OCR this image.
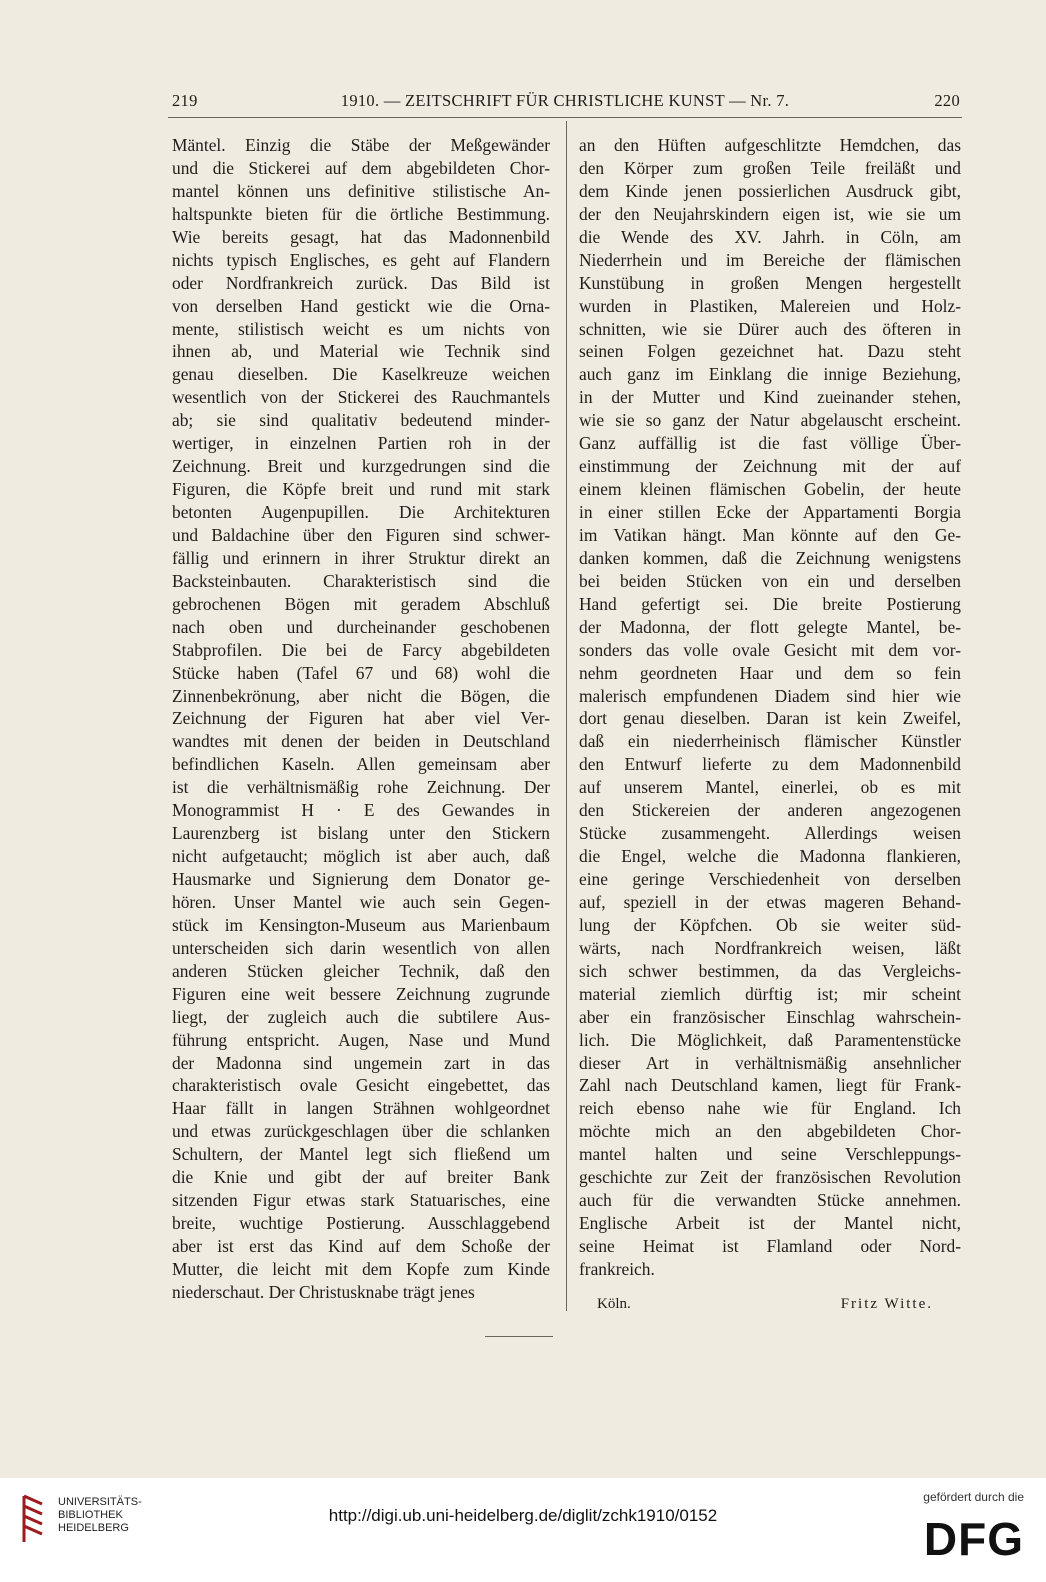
219	1910. — ZEITSCHRIFT FÜR CHRISTLICHE KUNST — Nr. 7.	220
Mäntel. Einzig die Stäbe der Meßgewänder
und die Stickerei auf dem abgebildeten Chor-
mantel können uns definitive stilistische An-
haltspunkte bieten für die örtliche Bestimmung.
Wie bereits gesagt, hat das Madonnenbild
nichts typisch Englisches, es geht auf Flandern
oder Nordfrankreich zurück. Das Bild ist
von derselben Hand gestickt wie die Orna-
mente, stilistisch weicht es um nichts von
ihnen ab, und Material wie Technik sind
genau dieselben. Die Kaselkreuze weichen
wesentlich von der Stickerei des Rauchmantels
ab; sie sind qualitativ bedeutend minder-
wertiger, in einzelnen Partien roh in der
Zeichnung. Breit und kurzgedrungen sind die
Figuren, die Köpfe breit und rund mit stark
betonten Augenpupillen. Die Architekturen
und Baldachine über den Figuren sind schwer-
fällig und erinnern in ihrer Struktur direkt an
Backsteinbauten. Charakteristisch sind die
gebrochenen Bögen mit geradem Abschluß
nach oben und durcheinander geschobenen
Stabprofilen. Die bei de Farcy abgebildeten
Stücke haben (Tafel 67 und 68) wohl die
Zinnenbekrönung, aber nicht die Bögen, die
Zeichnung der Figuren hat aber viel Ver-
wandtes mit denen der beiden in Deutschland
befindlichen Kaseln. Allen gemeinsam aber
ist die verhältnismäßig rohe Zeichnung. Der
Monogrammist H · E des Gewandes in
Laurenzberg ist bislang unter den Stickern
nicht aufgetaucht; möglich ist aber auch, daß
Hausmarke und Signierung dem Donator ge-
hören. Unser Mantel wie auch sein Gegen-
stück im Kensington-Museum aus Marienbaum
unterscheiden sich darin wesentlich von allen
anderen Stücken gleicher Technik, daß den
Figuren eine weit bessere Zeichnung zugrunde
liegt, der zugleich auch die subtilere Aus-
führung entspricht. Augen, Nase und Mund
der Madonna sind ungemein zart in das
charakteristisch ovale Gesicht eingebettet, das
Haar fällt in langen Strähnen wohlgeordnet
und etwas zurückgeschlagen über die schlanken
Schultern, der Mantel legt sich fließend um
die Knie und gibt der auf breiter Bank
sitzenden Figur etwas stark Statuarisches, eine
breite, wuchtige Postierung. Ausschlaggebend
aber ist erst das Kind auf dem Schoße der
Mutter, die leicht mit dem Kopfe zum Kinde
niederschaut. Der Christusknabe trägt jenes
an den Hüften aufgeschlitzte Hemdchen, das
den Körper zum großen Teile freiläßt und
dem Kinde jenen possierlichen Ausdruck gibt,
der den Neujahrskindern eigen ist, wie sie um
die Wende des XV. Jahrh. in Cöln, am
Niederrhein und im Bereiche der flämischen
Kunstübung in großen Mengen hergestellt
wurden in Plastiken, Malereien und Holz-
schnitten, wie sie Dürer auch des öfteren in
seinen Folgen gezeichnet hat. Dazu steht
auch ganz im Einklang die innige Beziehung,
in der Mutter und Kind zueinander stehen,
wie sie so ganz der Natur abgelauscht erscheint.
Ganz auffällig ist die fast völlige Über-
einstimmung der Zeichnung mit der auf
einem kleinen flämischen Gobelin, der heute
in einer stillen Ecke der Appartamenti Borgia
im Vatikan hängt. Man könnte auf den Ge-
danken kommen, daß die Zeichnung wenigstens
bei beiden Stücken von ein und derselben
Hand gefertigt sei. Die breite Postierung
der Madonna, der flott gelegte Mantel, be-
sonders das volle ovale Gesicht mit dem vor-
nehm geordneten Haar und dem so fein
malerisch empfundenen Diadem sind hier wie
dort genau dieselben. Daran ist kein Zweifel,
daß ein niederrheinisch flämischer Künstler
den Entwurf lieferte zu dem Madonnenbild
auf unserem Mantel, einerlei, ob es mit
den Stickereien der anderen angezogenen
Stücke zusammengeht. Allerdings weisen
die Engel, welche die Madonna flankieren,
eine geringe Verschiedenheit von derselben
auf, speziell in der etwas mageren Behand-
lung der Köpfchen. Ob sie weiter süd-
wärts, nach Nordfrankreich weisen, läßt
sich schwer bestimmen, da das Vergleichs-
material ziemlich dürftig ist; mir scheint
aber ein französischer Einschlag wahrschein-
lich. Die Möglichkeit, daß Paramentenstücke
dieser Art in verhältnismäßig ansehnlicher
Zahl nach Deutschland kamen, liegt für Frank-
reich ebenso nahe wie für England. Ich
möchte mich an den abgebildeten Chor-
mantel halten und seine Verschleppungs-
geschichte zur Zeit der französischen Revolution
auch für die verwandten Stücke annehmen.
Englische Arbeit ist der Mantel nicht,
seine Heimat ist Flamland oder Nord-
frankreich.
Köln.	Fritz Witte.
UNIVERSITÄTS-
BIBLIOTHEK
HEIDELBERG
http://digi.ub.uni-heidelberg.de/diglit/zchk1910/0152
gefördert durch die
DFG
